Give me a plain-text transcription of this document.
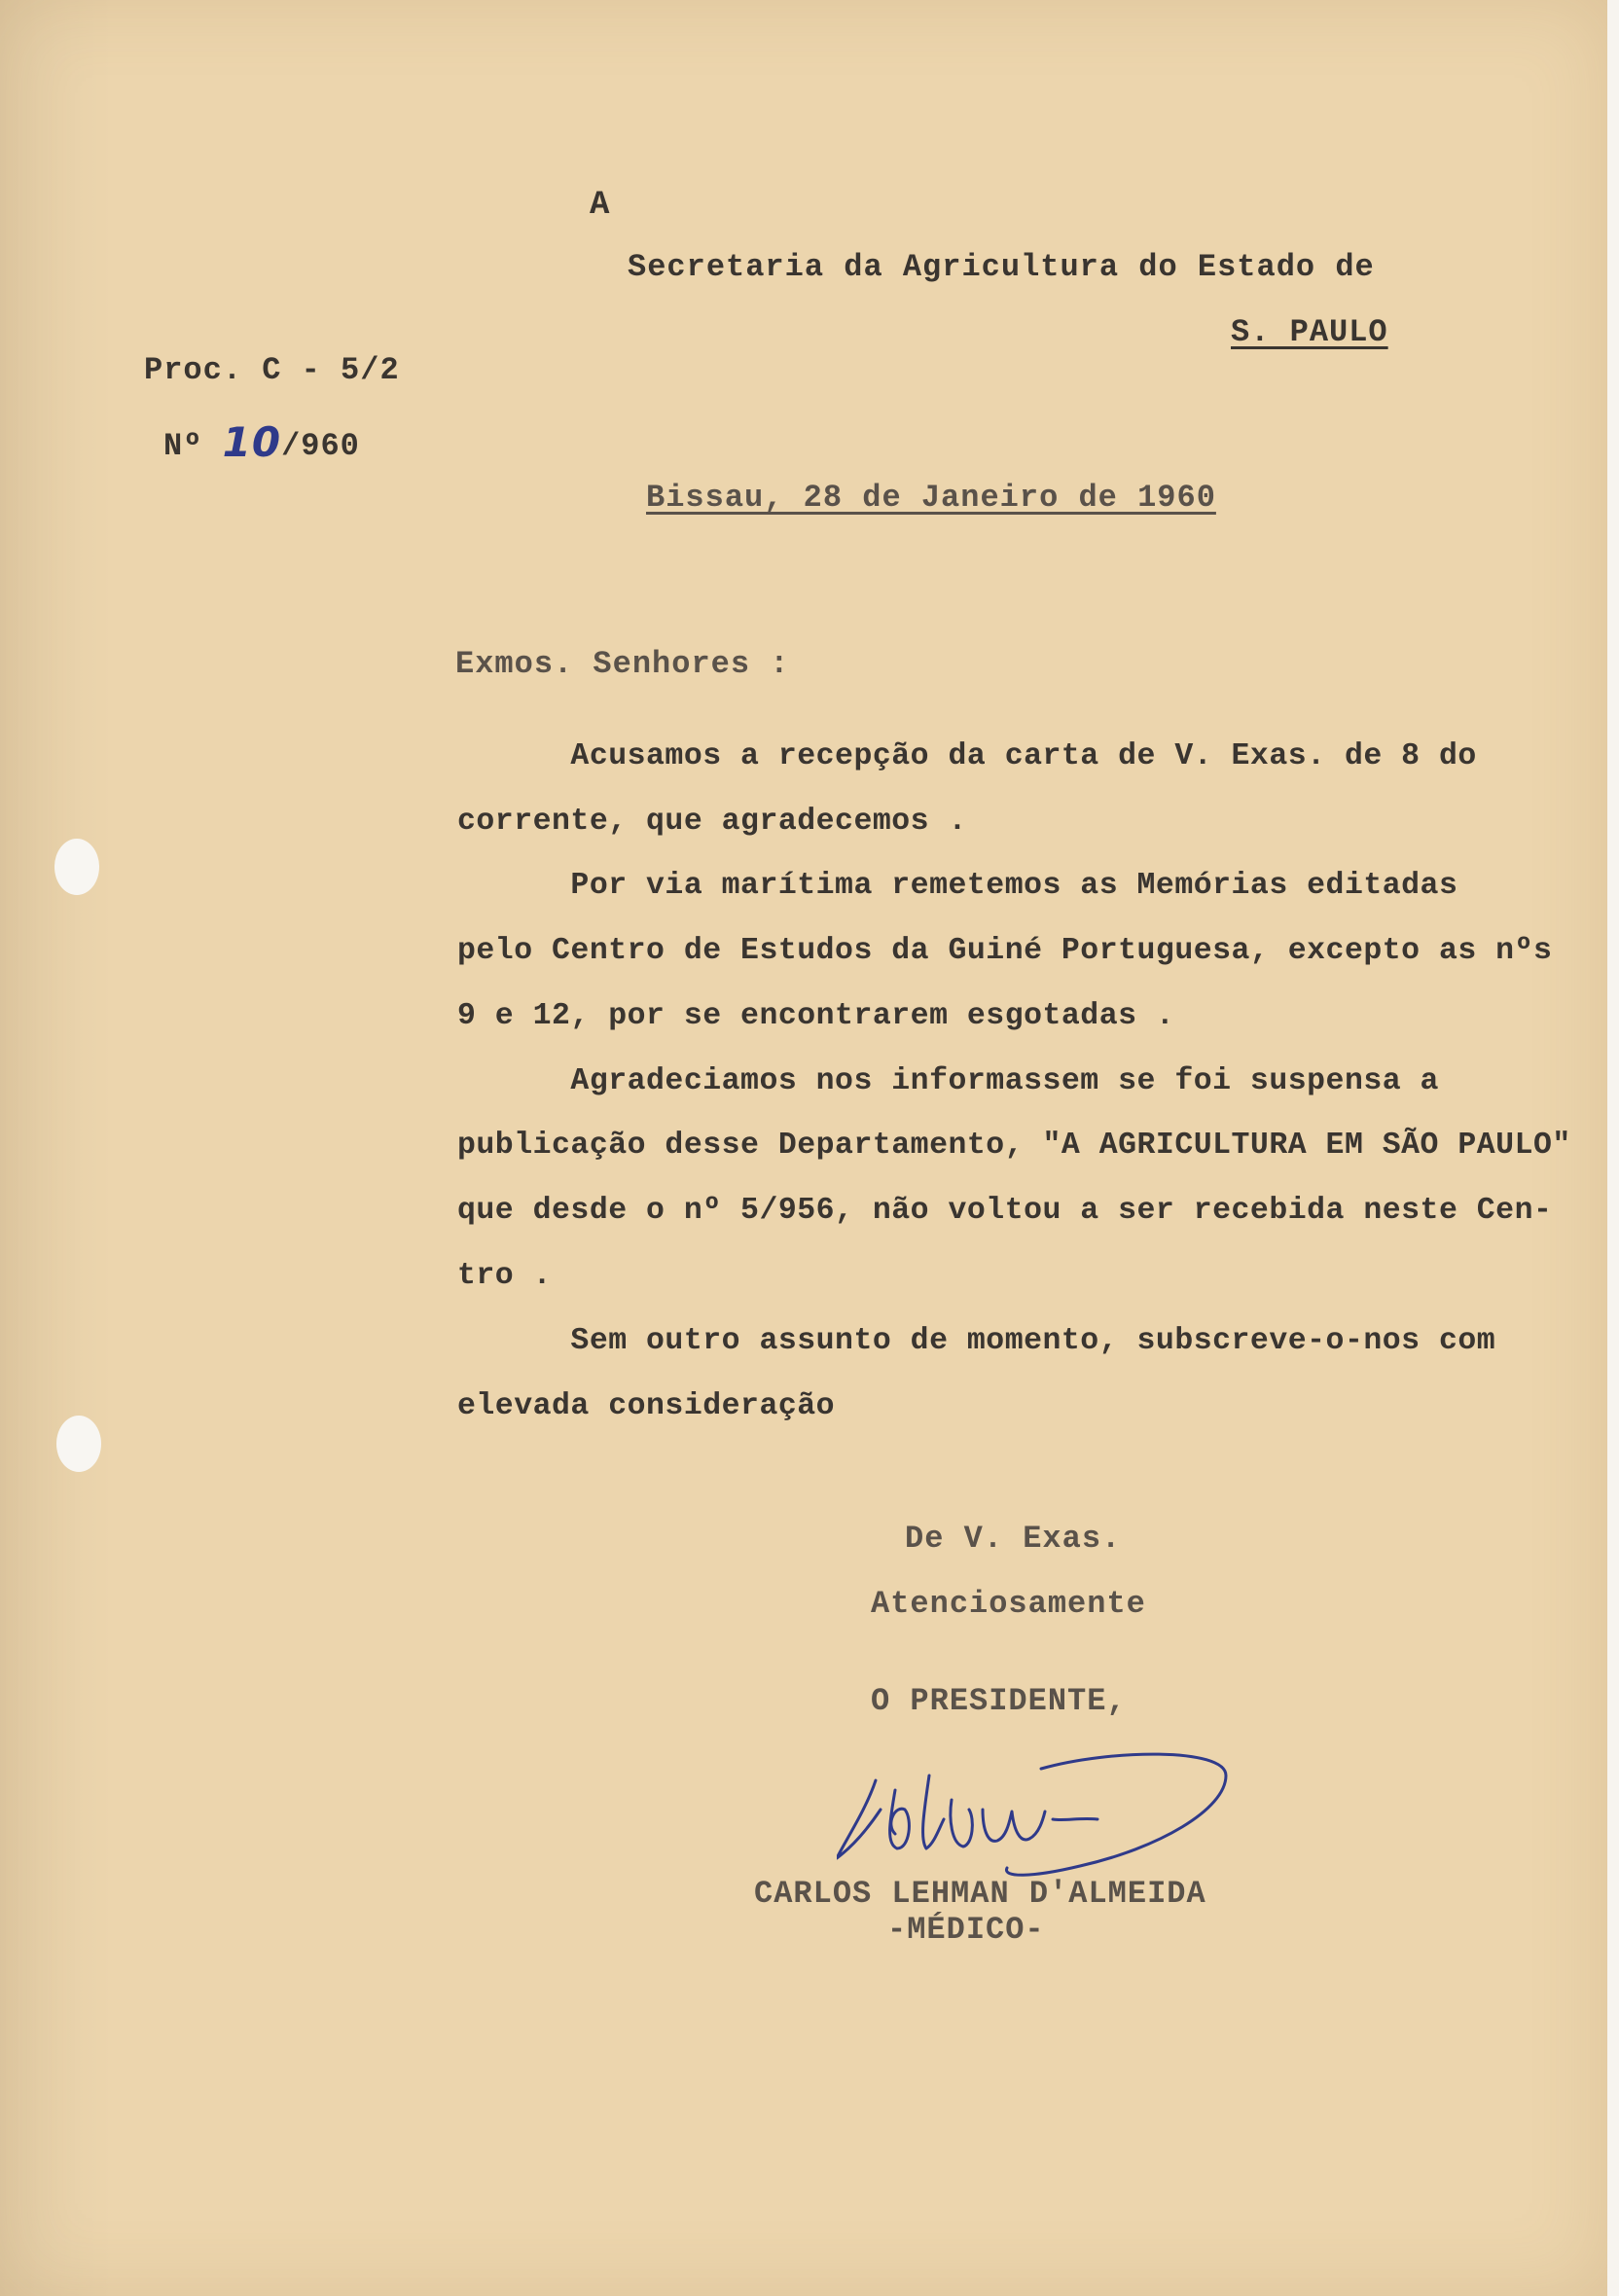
A
Secretaria da Agricultura do Estado de
S. PAULO
Proc. C - 5/2
Nº 10/960
Bissau, 28 de Janeiro de 1960
Exmos. Senhores :
Acusamos a recepção da carta de V. Exas. de 8 do
corrente, que agradecemos .
Por via marítima remetemos as Memórias editadas
pelo Centro de Estudos da Guiné Portuguesa, excepto as nºs
9 e 12, por se encontrarem esgotadas .
Agradeciamos nos informassem se foi suspensa a
publicação desse Departamento, "A AGRICULTURA EM SÃO PAULO"
que desde o nº 5/956, não voltou a ser recebida neste Cen-
tro .
Sem outro assunto de momento, subscreve-o-nos com
elevada consideração
De V. Exas.
Atenciosamente
O PRESIDENTE,
CARLOS LEHMAN D'ALMEIDA
-MÉDICO-
